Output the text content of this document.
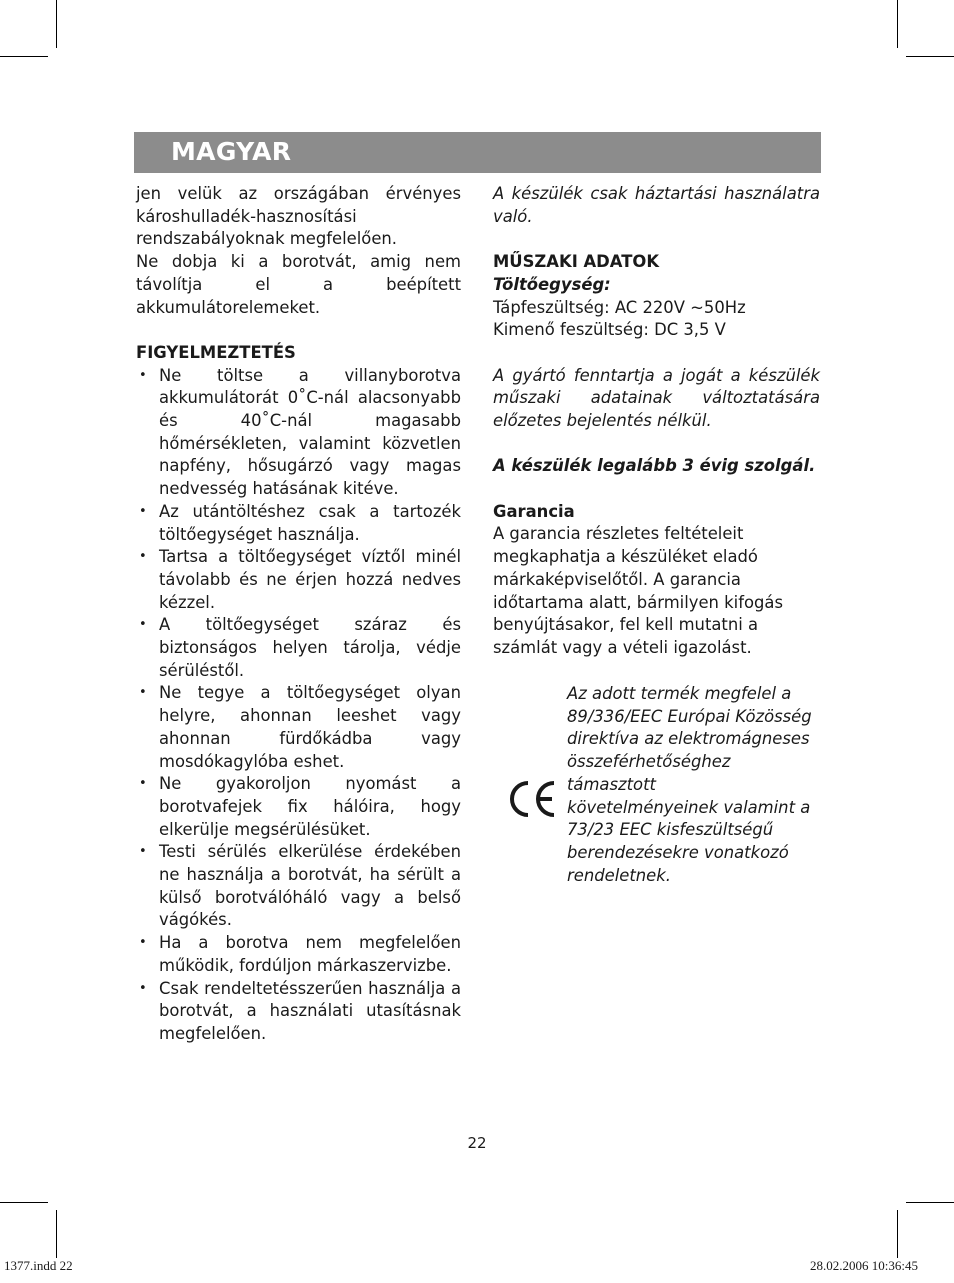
MAGYAR

jen velük az országában érvényes károshulladék-hasznosítási rendszabályoknak megfelelően.

Ne dobja ki a borotvát, amig nem távolítja el a beépített akkumulátorelemeket.

FIGYELMEZTETÉS

• Ne töltse a villanyborotva akkumulátorát 0˚C-nál alacsonyabb és 40˚C-nál magasabb hőmérsékleten, valamint közvetlen napfény, hősugárzó vagy magas nedvesség hatásának kitéve.
• Az utántöltéshez csak a tartozék töltőegységet használja.
• Tartsa a töltőegységet víztől minél távolabb és ne érjen hozzá nedves kézzel.
• A töltőegységet száraz és biztonságos helyen tárolja, védje sérüléstől.
• Ne tegye a töltőegységet olyan helyre, ahonnan leeshet vagy ahonnan fürdőkádba vagy mosdókagylóba eshet.
• Ne gyakoroljon nyomást a borotvafejek fix hálóira, hogy elkerülje megsérülésüket.
• Testi sérülés elkerülése érdekében ne használja a borotvát, ha sérült a külső borotválóháló vagy a belső vágókés.
• Ha a borotva nem megfelelően működik, fordúljon márkaszervizbe.
• Csak rendeltetésszerűen használja a borotvát, a használati utasításnak megfelelően.

A készülék csak háztartási használatra való.

MŰSZAKI ADATOK

Töltőegység:

Tápfeszültség: AC 220V ~50Hz

Kimenő feszültség: DC 3,5 V

A gyártó fenntartja a jogát a készülék műszaki adatainak változtatására előzetes bejelentés nélkül.

A készülék legalább 3 évig szolgál.

Garancia

A garancia részletes feltételeit megkaphatja a készüléket eladó márkaképviselőtől. A garancia időtartama alatt, bármilyen kifogás benyújtásakor, fel kell mutatni a számlát vagy a vételi igazolást.

Az adott termék megfelel a 89/336/EEC Európai Közösség direktíva az elektromágneses összeférhetőséghez támasztott követelményeinek valamint a 73/23 EEC kisfeszültségű berendezésekre vonatkozó rendeletnek.
22
1377.indd 22	28.02.2006 10:36:45
